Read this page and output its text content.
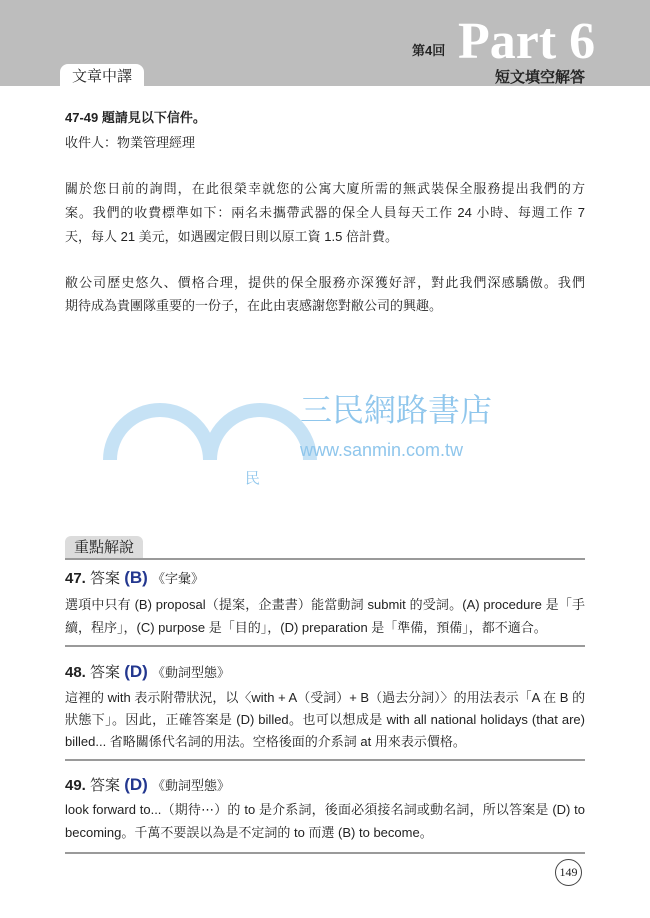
文章中譯
第4回 Part 6
短文填空解答
47-49 題請見以下信件。
收件人：物業管理經理
關於您日前的詢問，在此很榮幸就您的公寓大廈所需的無武裝保全服務提出我們的方
案。我們的收費標準如下：兩名未攜帶武器的保全人員每天工作 24 小時、每週工作 7
天，每人 21 美元，如遇國定假日則以原工資 1.5 倍計費。
敝公司歷史悠久、價格合理，提供的保全服務亦深獲好評，對此我們深感驕傲。我們
期待成為貴團隊重要的一份子，在此由衷感謝您對敝公司的興趣。
民
三民網路書店
www.sanmin.com.tw
重點解說
47. 答案 (B) 《字彙》
選項中只有 (B) proposal（提案，企畫書）能當動詞 submit 的受詞。(A) procedure 是「手
續，程序」，(C) purpose 是「目的」，(D) preparation 是「準備，預備」，都不適合。
48. 答案 (D) 《動詞型態》
這裡的 with 表示附帶狀況，以〈with + A（受詞）+ B（過去分詞）〉的用法表示「A 在 B 的
狀態下」。因此，正確答案是 (D) billed。也可以想成是 with all national holidays (that are)
billed... 省略關係代名詞的用法。空格後面的介系詞 at 用來表示價格。
49. 答案 (D) 《動詞型態》
look forward to...（期待⋯）的 to 是介系詞，後面必須接名詞或動名詞，所以答案是 (D) to
becoming。千萬不要誤以為是不定詞的 to 而選 (B) to become。
149
